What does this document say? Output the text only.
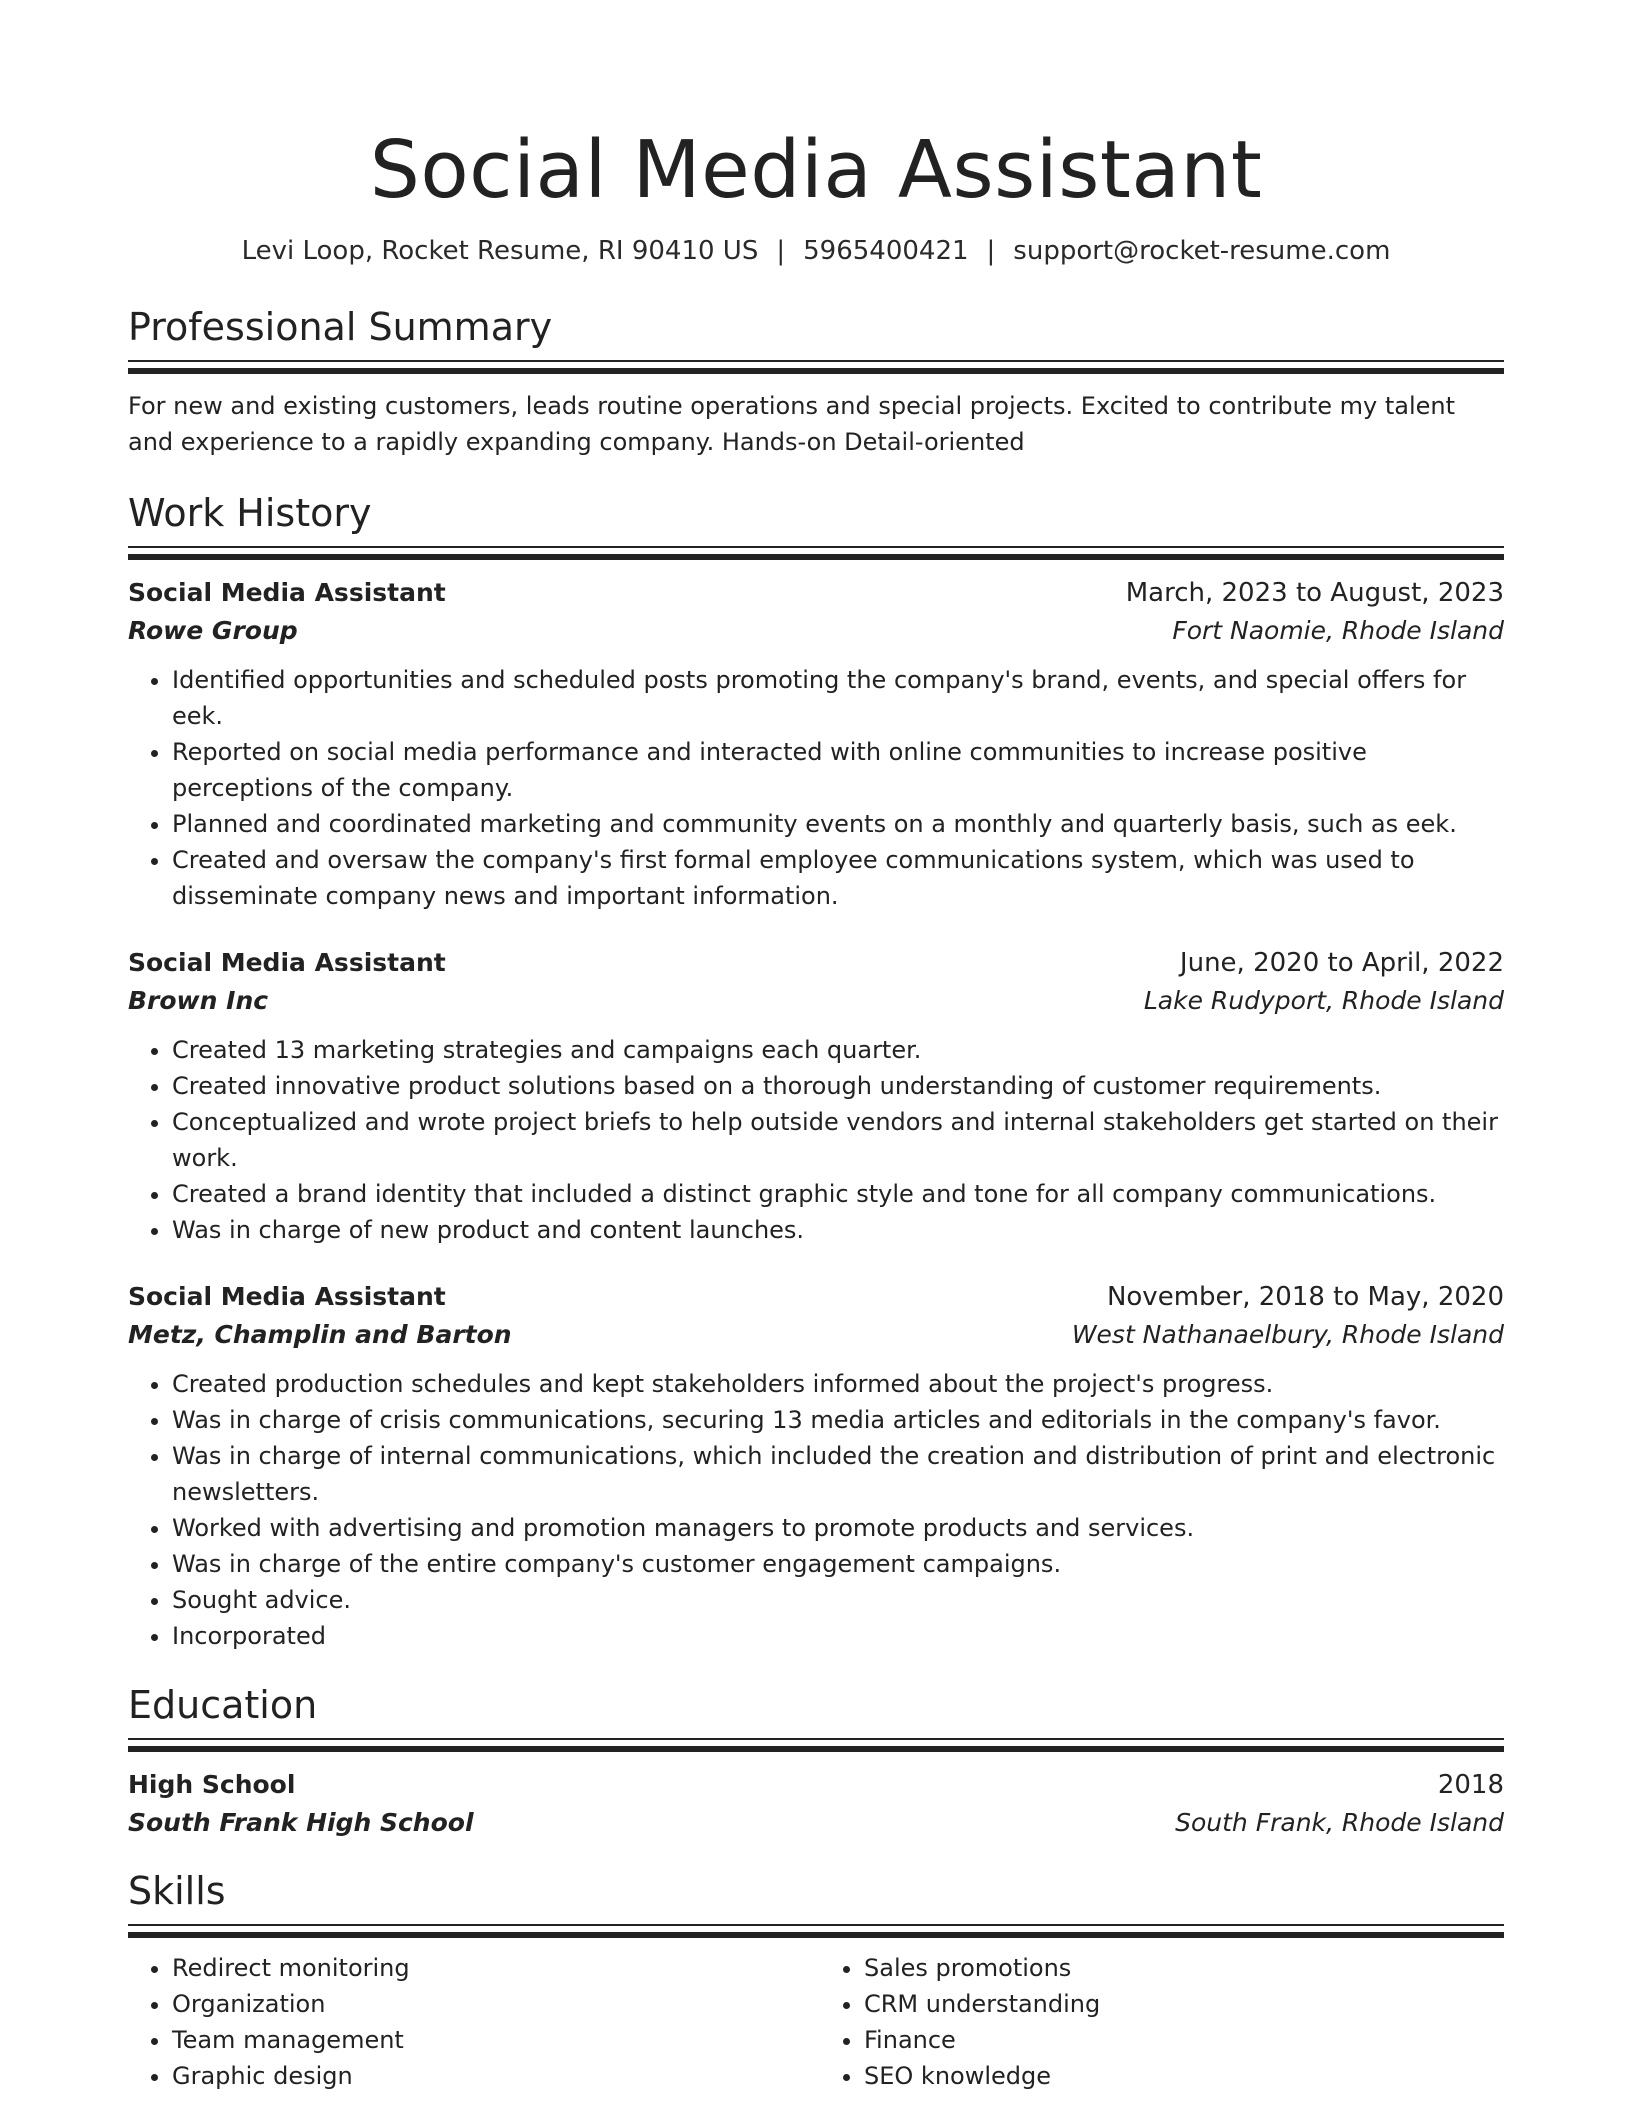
Social Media Assistant
Levi Loop, Rocket Resume, RI 90410 US | 5965400421 | support@rocket-resume.com
Professional Summary
For new and existing customers, leads routine operations and special projects. Excited to contribute my talent and experience to a rapidly expanding company. Hands-on Detail-oriented
Work History
Social Media Assistant	March, 2023 to August, 2023
Rowe Group	Fort Naomie, Rhode Island
• Identified opportunities and scheduled posts promoting the company's brand, events, and special offers for eek.
• Reported on social media performance and interacted with online communities to increase positive perceptions of the company.
• Planned and coordinated marketing and community events on a monthly and quarterly basis, such as eek.
• Created and oversaw the company's first formal employee communications system, which was used to disseminate company news and important information.
Social Media Assistant	June, 2020 to April, 2022
Brown Inc	Lake Rudyport, Rhode Island
• Created 13 marketing strategies and campaigns each quarter.
• Created innovative product solutions based on a thorough understanding of customer requirements.
• Conceptualized and wrote project briefs to help outside vendors and internal stakeholders get started on their work.
• Created a brand identity that included a distinct graphic style and tone for all company communications.
• Was in charge of new product and content launches.
Social Media Assistant	November, 2018 to May, 2020
Metz, Champlin and Barton	West Nathanaelbury, Rhode Island
• Created production schedules and kept stakeholders informed about the project's progress.
• Was in charge of crisis communications, securing 13 media articles and editorials in the company's favor.
• Was in charge of internal communications, which included the creation and distribution of print and electronic newsletters.
• Worked with advertising and promotion managers to promote products and services.
• Was in charge of the entire company's customer engagement campaigns.
• Sought advice.
• Incorporated
Education
High School	2018
South Frank High School	South Frank, Rhode Island
Skills
• Redirect monitoring
• Organization
• Team management
• Graphic design
• Sales promotions
• CRM understanding
• Finance
• SEO knowledge
